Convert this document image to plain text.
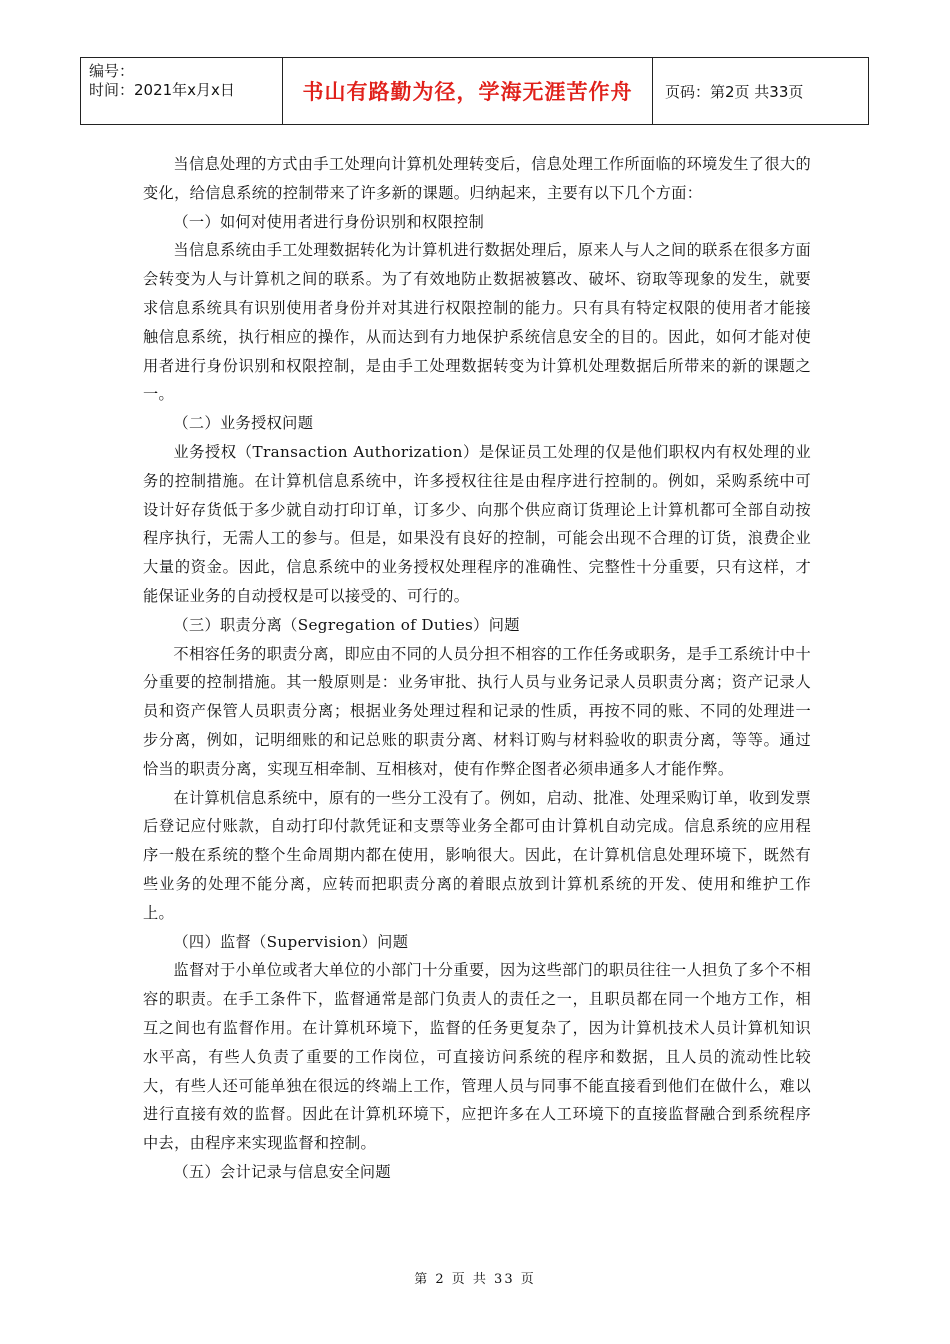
编号：
时间：2021年x月x日	书山有路勤为径，学海无涯苦作舟 页码：第2页 共33页

当信息处理的方式由手工处理向计算机处理转变后，信息处理工作所面临的环境发生了很大的变化，给信息系统的控制带来了许多新的课题。归纳起来，主要有以下几个方面：

（一）如何对使用者进行身份识别和权限控制

当信息系统由手工处理数据转化为计算机进行数据处理后，原来人与人之间的联系在很多方面会转变为人与计算机之间的联系。为了有效地防止数据被篡改、破坏、窃取等现象的发生，就要求信息系统具有识别使用者身份并对其进行权限控制的能力。只有具有特定权限的使用者才能接触信息系统，执行相应的操作，从而达到有力地保护系统信息安全的目的。因此，如何才能对使用者进行身份识别和权限控制，是由手工处理数据转变为计算机处理数据后所带来的新的课题之一。

（二）业务授权问题

业务授权（Transaction Authorization）是保证员工处理的仅是他们职权内有权处理的业务的控制措施。在计算机信息系统中，许多授权往往是由程序进行控制的。例如，采购系统中可设计好存货低于多少就自动打印订单，订多少、向那个供应商订货理论上计算机都可全部自动按程序执行，无需人工的参与。但是，如果没有良好的控制，可能会出现不合理的订货，浪费企业大量的资金。因此，信息系统中的业务授权处理程序的准确性、完整性十分重要，只有这样，才能保证业务的自动授权是可以接受的、可行的。

（三）职责分离（Segregation of Duties）问题

不相容任务的职责分离，即应由不同的人员分担不相容的工作任务或职务，是手工系统计中十分重要的控制措施。其一般原则是：业务审批、执行人员与业务记录人员职责分离；资产记录人员和资产保管人员职责分离；根据业务处理过程和记录的性质，再按不同的账、不同的处理进一步分离，例如，记明细账的和记总账的职责分离、材料订购与材料验收的职责分离，等等。通过恰当的职责分离，实现互相牵制、互相核对，使有作弊企图者必须串通多人才能作弊。

在计算机信息系统中，原有的一些分工没有了。例如，启动、批准、处理采购订单，收到发票后登记应付账款，自动打印付款凭证和支票等业务全都可由计算机自动完成。信息系统的应用程序一般在系统的整个生命周期内都在使用，影响很大。因此，在计算机信息处理环境下，既然有些业务的处理不能分离，应转而把职责分离的着眼点放到计算机系统的开发、使用和维护工作上。

（四）监督（Supervision）问题

监督对于小单位或者大单位的小部门十分重要，因为这些部门的职员往往一人担负了多个不相容的职责。在手工条件下，监督通常是部门负责人的责任之一，且职员都在同一个地方工作，相互之间也有监督作用。在计算机环境下，监督的任务更复杂了，因为计算机技术人员计算机知识水平高，有些人负责了重要的工作岗位，可直接访问系统的程序和数据，且人员的流动性比较大，有些人还可能单独在很远的终端上工作，管理人员与同事不能直接看到他们在做什么，难以进行直接有效的监督。因此在计算机环境下，应把许多在人工环境下的直接监督融合到系统程序中去，由程序来实现监督和控制。

（五）会计记录与信息安全问题

第 2 页 共 33 页
